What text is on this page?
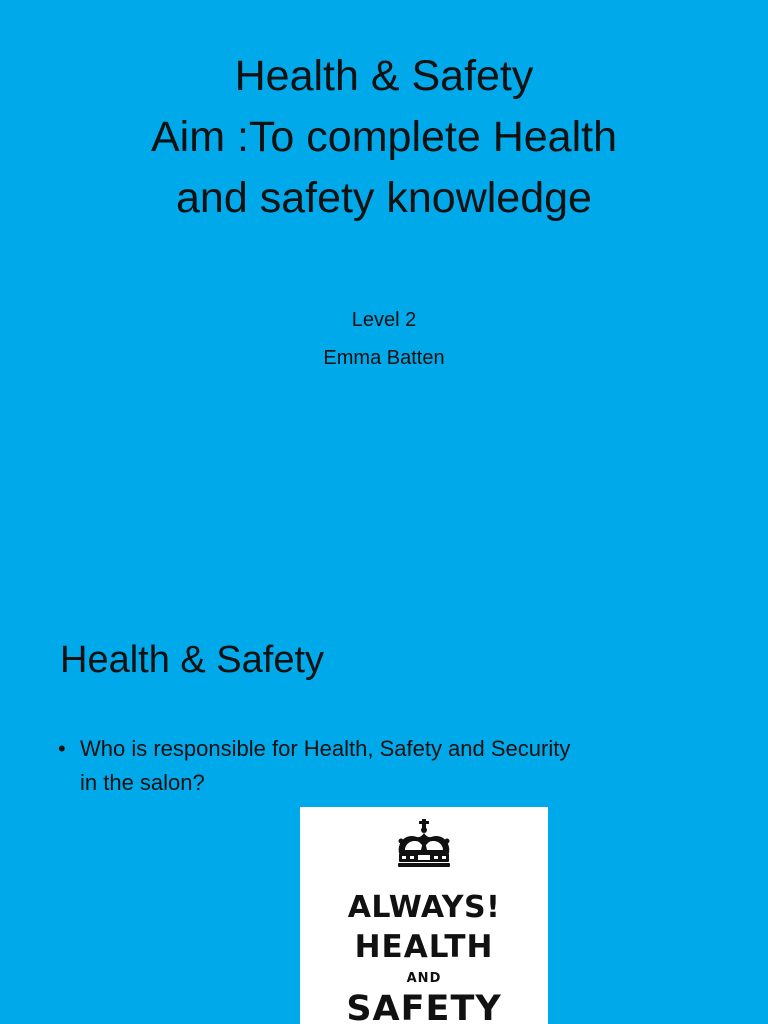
Health & Safety
Aim :To complete Health
and safety knowledge
Level 2
Emma Batten
Health & Safety
• Who is responsible for Health, Safety and Security
in the salon?
ALWAYS!
HEALTH
AND
SAFETY
